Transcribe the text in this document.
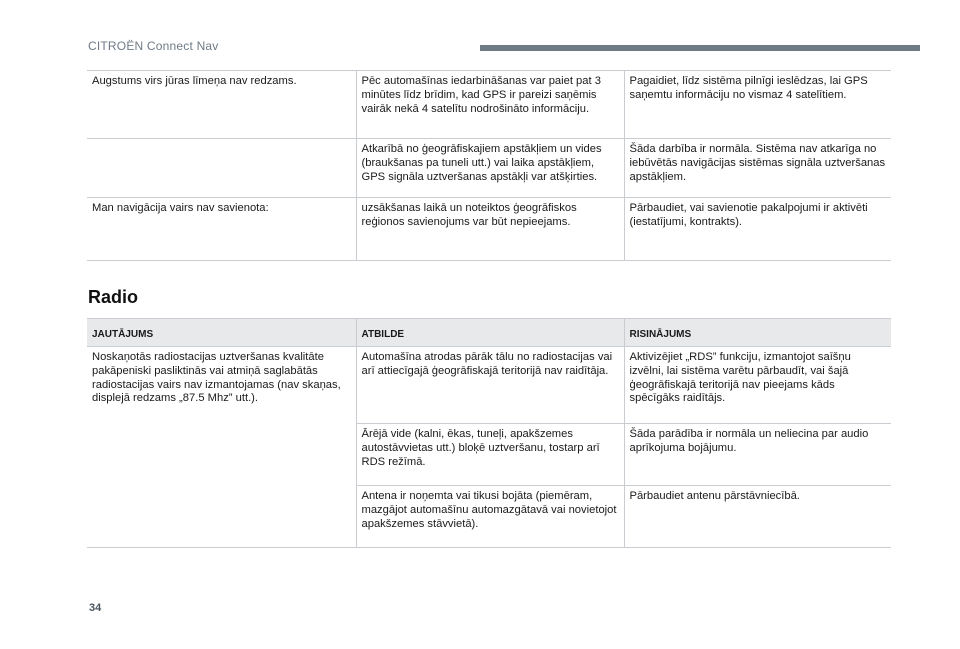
CITROËN Connect Nav
Augstums virs jūras līmeņa nav redzams.	Pēc automašīnas iedarbināšanas var paiet pat 3 minūtes līdz brīdim, kad GPS ir pareizi saņēmis vairāk nekā 4 satelītu nodrošināto informāciju.	Pagaidiet, līdz sistēma pilnīgi ieslēdzas, lai GPS saņemtu informāciju no vismaz 4 satelītiem.
	Atkarībā no ģeogrāfiskajiem apstākļiem un vides (braukšanas pa tuneli utt.) vai laika apstākļiem, GPS signāla uztveršanas apstākļi var atšķirties.	Šāda darbība ir normāla. Sistēma nav atkarīga no iebūvētās navigācijas sistēmas signāla uztveršanas apstākļiem.
Man navigācija vairs nav savienota:	uzsākšanas laikā un noteiktos ģeogrāfiskos reģionos savienojums var būt nepieejams.	Pārbaudiet, vai savienotie pakalpojumi ir aktivēti (iestatījumi, kontrakts).
Radio
JAUTĀJUMS	ATBILDE	RISINĀJUMS
Noskaņotās radiostacijas uztveršanas kvalitāte pakāpeniski pasliktinās vai atmiņā saglabātās radiostacijas vairs nav izmantojamas (nav skaņas, displejā redzams „87.5 Mhz” utt.).	Automašīna atrodas pārāk tālu no radiostacijas vai arī attiecīgajā ģeogrāfiskajā teritorijā nav raidītāja.	Aktivizējiet „RDS” funkciju, izmantojot saīšņu izvēlni, lai sistēma varētu pārbaudīt, vai šajā ģeogrāfiskajā teritorijā nav pieejams kāds spēcīgāks raidītājs.
	Ārējā vide (kalni, ēkas, tuneļi, apakšzemes autostāvvietas utt.) bloķē uztveršanu, tostarp arī RDS režīmā.	Šāda parādība ir normāla un neliecina par audio aprīkojuma bojājumu.
	Antena ir noņemta vai tikusi bojāta (piemēram, mazgājot automašīnu automazgātavā vai novietojot apakšzemes stāvvietā).	Pārbaudiet antenu pārstāvniecībā.
34
